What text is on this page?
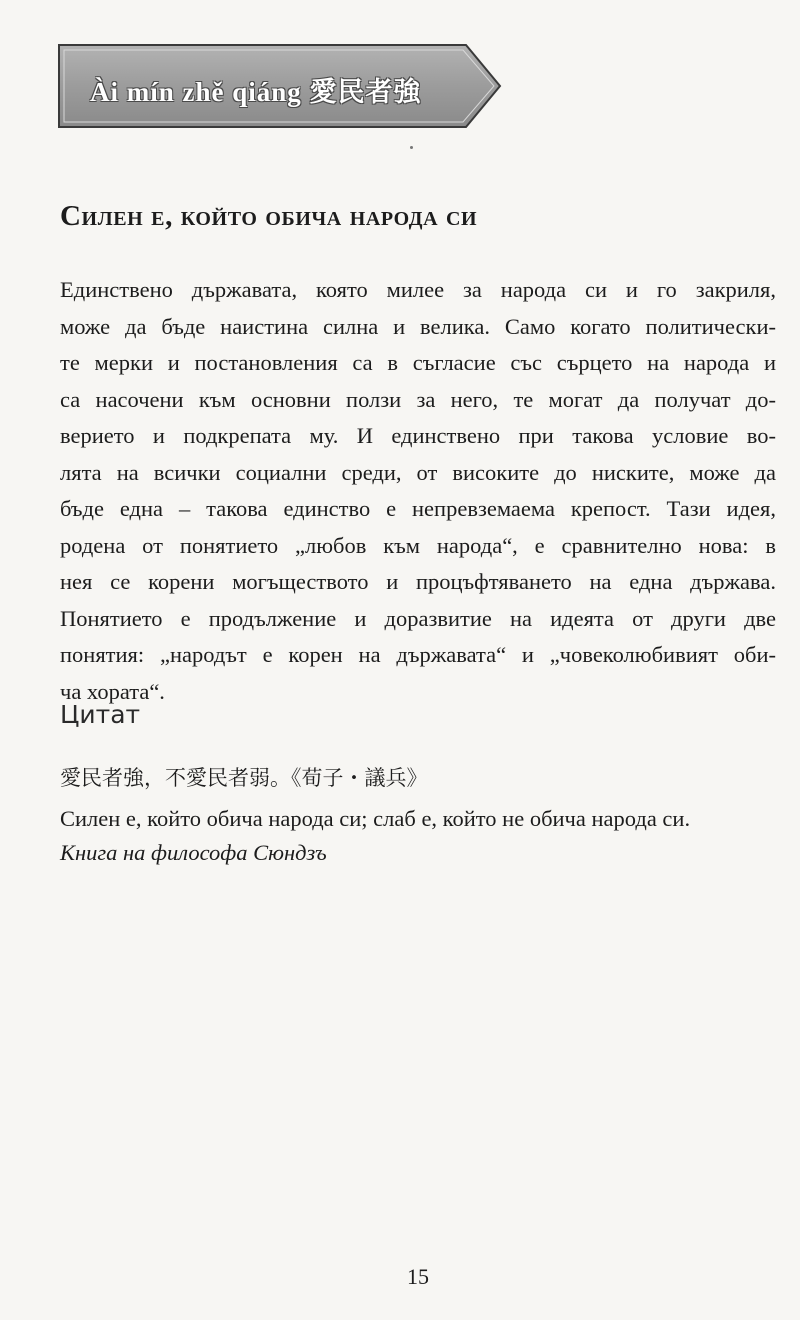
Ài mín zhě qiáng 愛民者強
Силен е, който обича народа си
Единствено държавата, която милее за народа си и го закриля,
може да бъде наистина силна и велика. Само когато политически-
те мерки и постановления са в съгласие със сърцето на народа и
са насочени към основни ползи за него, те могат да получат до-
верието и подкрепата му. И единствено при такова условие во-
лята на всички социални среди, от високите до ниските, може да
бъде една – такова единство е непревземаема крепост. Тази идея,
родена от понятието „любов към народа“, е сравнително нова: в
нея се корени могъществото и процъфтяването на една държава.
Понятието е продължение и доразвитие на идеята от други две
понятия: „народът е корен на държавата“ и „човеколюбивият оби-
ча хората“.
Цитат
愛民者強，不愛民者弱。《荀子・議兵》
Силен е, който обича народа си; слаб е, който не обича народа си.
Книга на философа Сюндзъ
15
